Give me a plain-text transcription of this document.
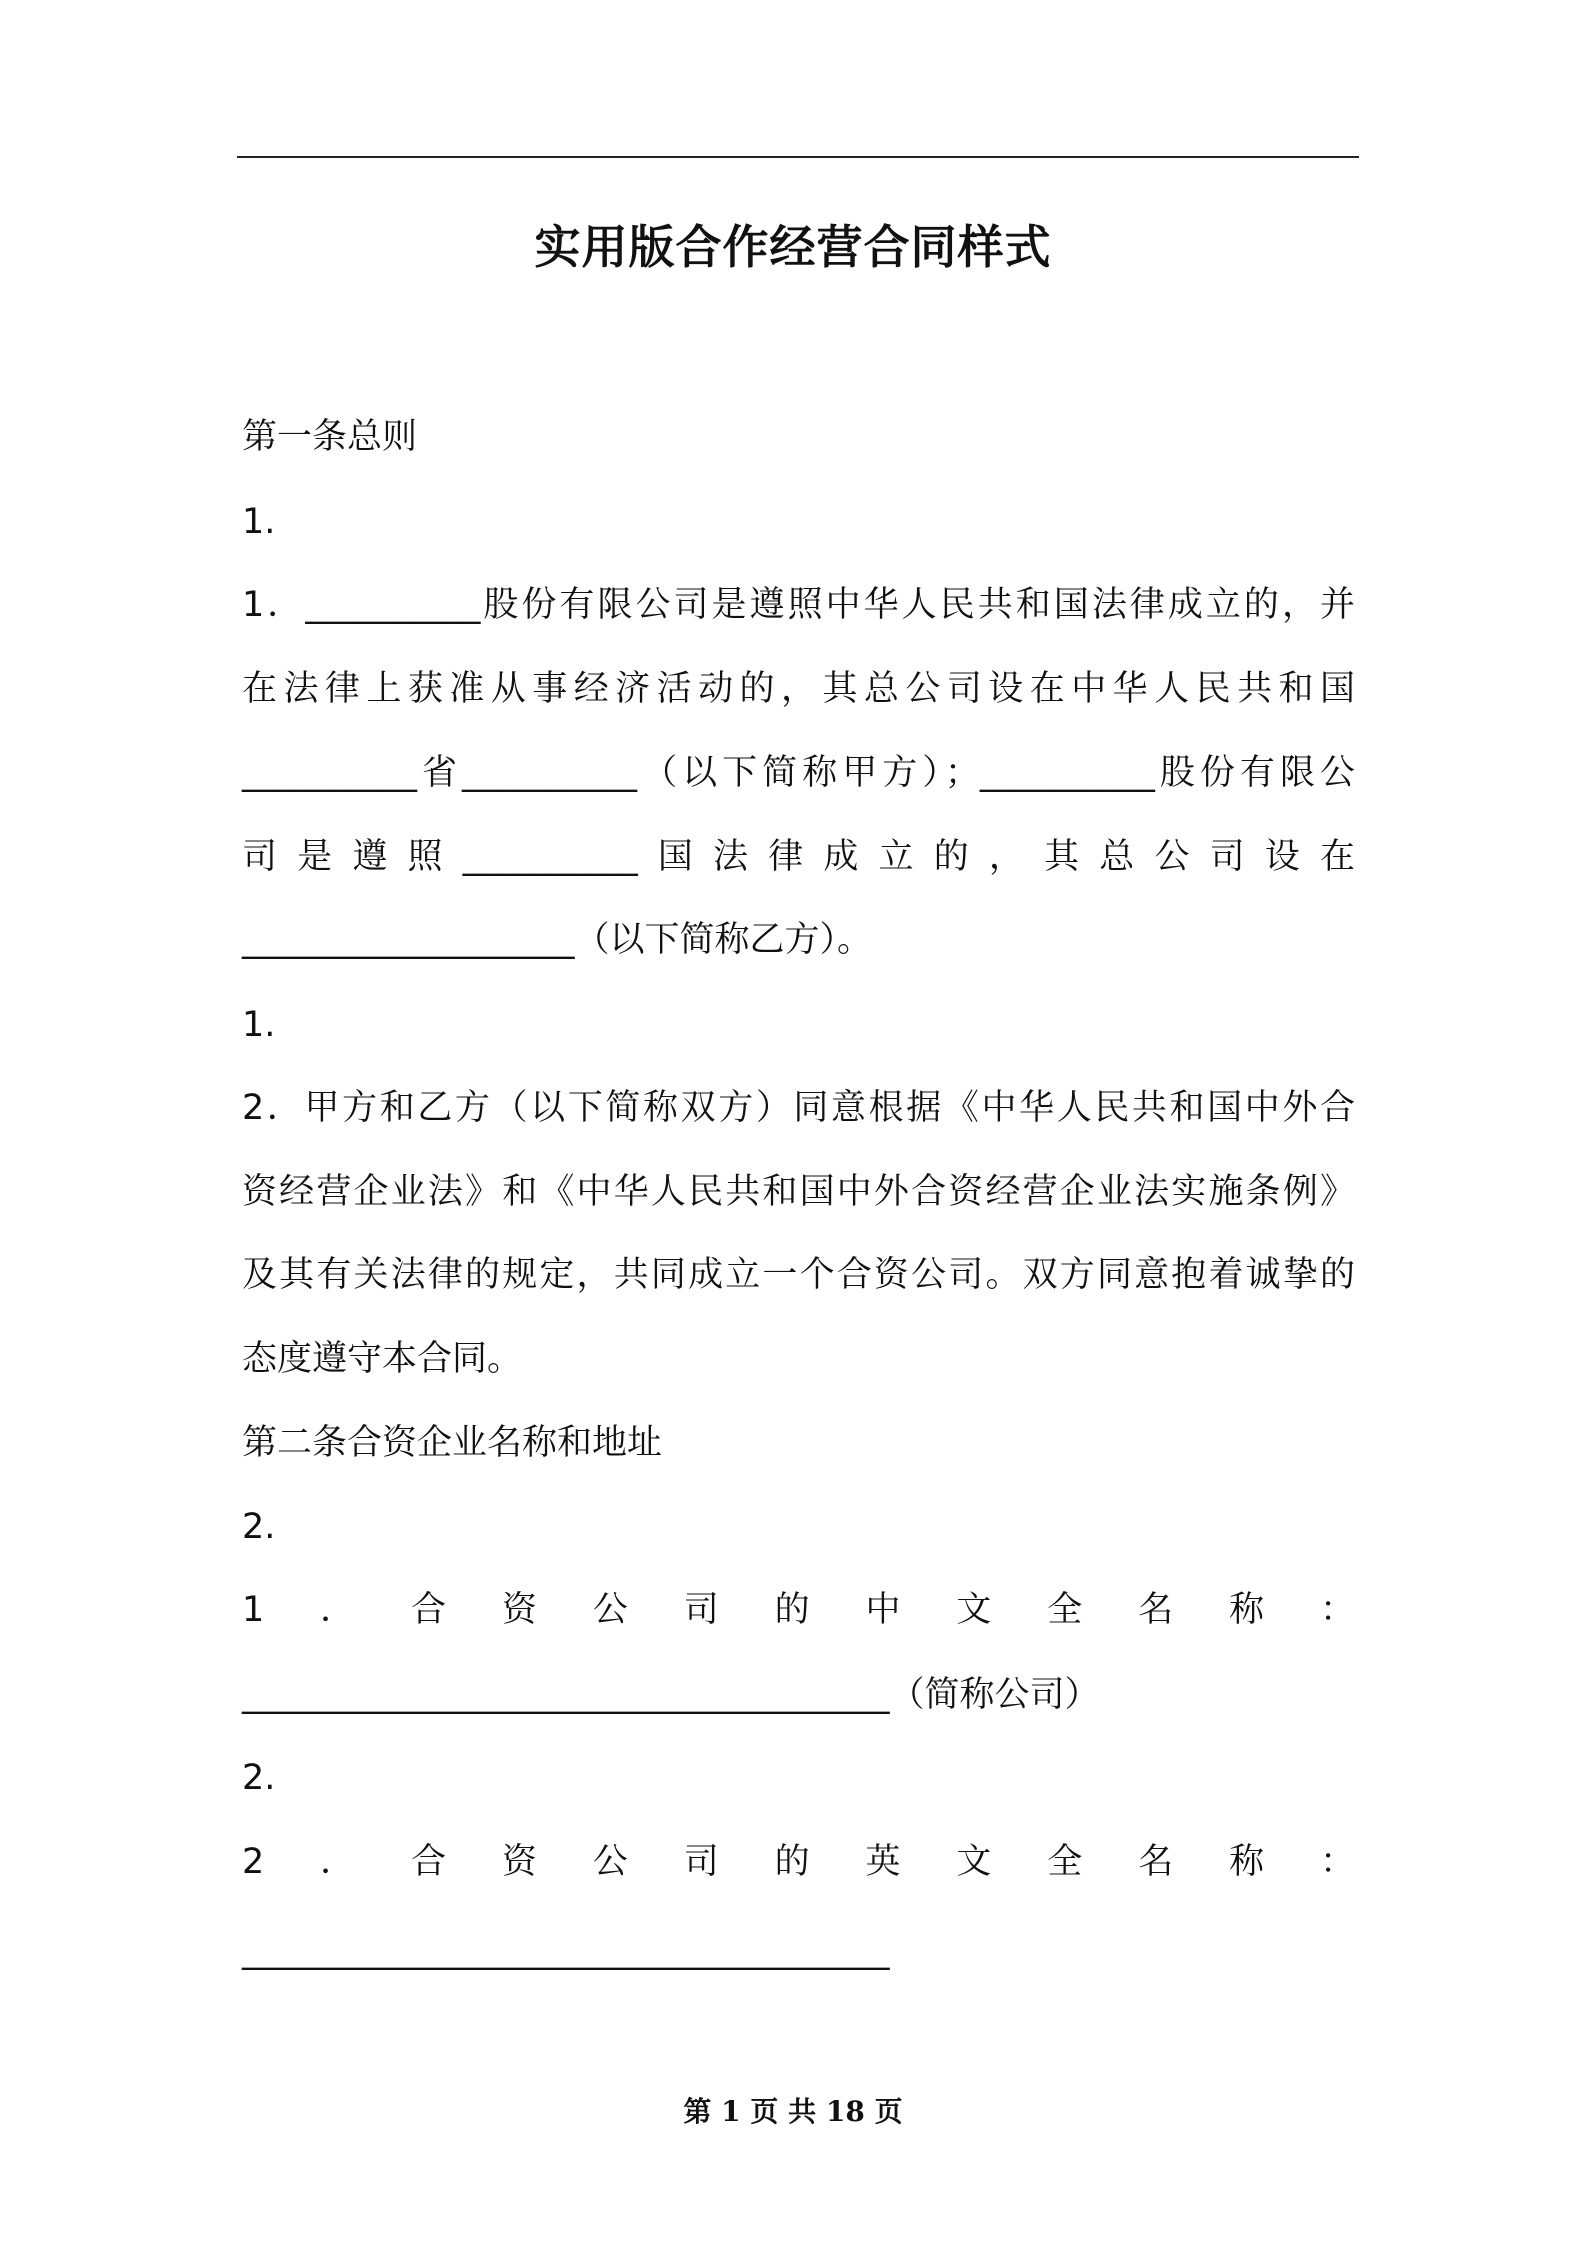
实用版合作经营合同样式
第一条总则
1.
1．__________股份有限公司是遵照中华人民共和国法律成立的，并
在法律上获准从事经济活动的，其总公司设在中华人民共和国
__________省__________（以下简称甲方）；__________股份有限公
司是遵照__________国法律成立的，其总公司设在
___________________（以下简称乙方）。
1.
2．甲方和乙方（以下简称双方）同意根据《中华人民共和国中外合
资经营企业法》和《中华人民共和国中外合资经营企业法实施条例》
及其有关法律的规定，共同成立一个合资公司。双方同意抱着诚挚的
态度遵守本合同。
第二条合资企业名称和地址
2.
1．合资公司的中文全名称：
_____________________________________（简称公司）
2.
2．合资公司的英文全名称：
_____________________________________
第 1 页 共 18 页
